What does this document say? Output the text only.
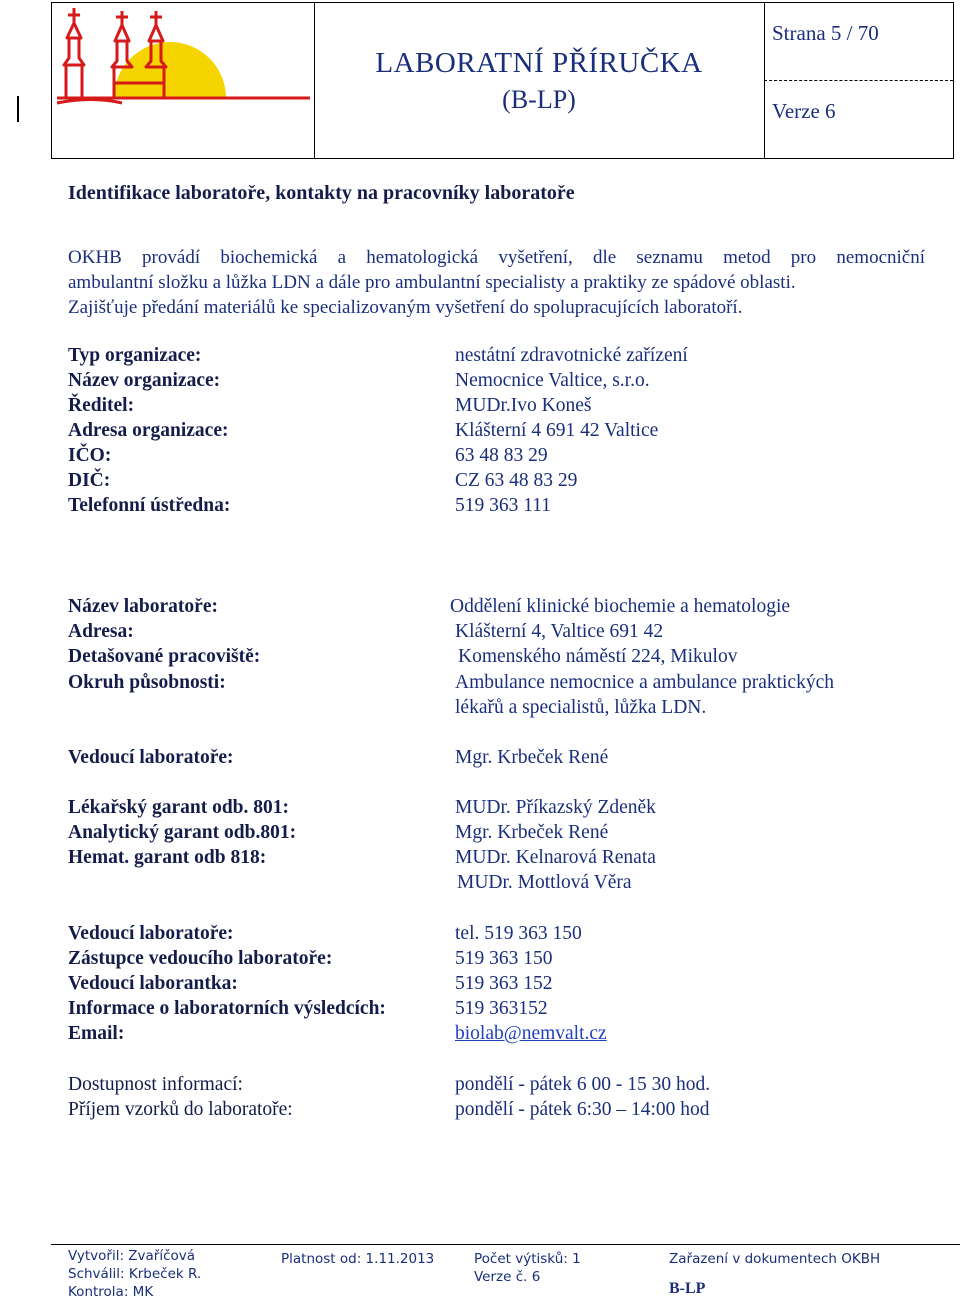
LABORATNÍ PŘÍRUČKA
(B-LP)
Strana 5 / 70
Verze 6
Identifikace laboratoře, kontakty na pracovníky laboratoře

OKHB provádí biochemická a hematologická vyšetření, dle seznamu metod pro nemocniční

ambulantní složku a lůžka LDN a dále pro ambulantní specialisty a praktiky ze spádové oblasti.

Zajišťuje předání materiálů ke specializovaným vyšetření do spolupracujících laboratoří.

Typ organizace:	nestátní zdravotnické zařízení
Název organizace:	Nemocnice Valtice, s.r.o.
Ředitel:	MUDr.Ivo Koneš
Adresa organizace:	Klášterní 4 691 42 Valtice
IČO:	63 48 83 29
DIČ:	CZ 63 48 83 29
Telefonní ústředna:	519 363 111
Název laboratoře:	Oddělení klinické biochemie a hematologie
Adresa:	Klášterní 4, Valtice 691 42
Detašované pracoviště:	Komenského náměstí 224, Mikulov
Okruh působnosti:	Ambulance nemocnice a ambulance praktických
lékařů a specialistů, lůžka LDN.
Vedoucí laboratoře:	Mgr. Krbeček René
Lékařský garant odb. 801:	MUDr. Příkazský Zdeněk
Analytický garant odb.801:	Mgr. Krbeček René
Hemat. garant odb 818:	MUDr. Kelnarová Renata
MUDr. Mottlová Věra
Vedoucí laboratoře:	tel. 519 363 150
Zástupce vedoucího laboratoře:	519 363 150
Vedoucí laborantka:	519 363 152
Informace o laboratorních výsledcích:	519 363152
Email:	biolab@nemvalt.cz
Dostupnost informací:	pondělí - pátek 6 00 - 15 30 hod.
Příjem vzorků do laboratoře:	pondělí - pátek 6:30 – 14:00 hod
Vytvořil: Zvaříčová
Schválil: Krbeček R.
Kontrola: MK
Platnost od: 1.11.2013	Počet výtisků: 1
Verze č. 6
Zařazení v dokumentech OKBH
B-LP
